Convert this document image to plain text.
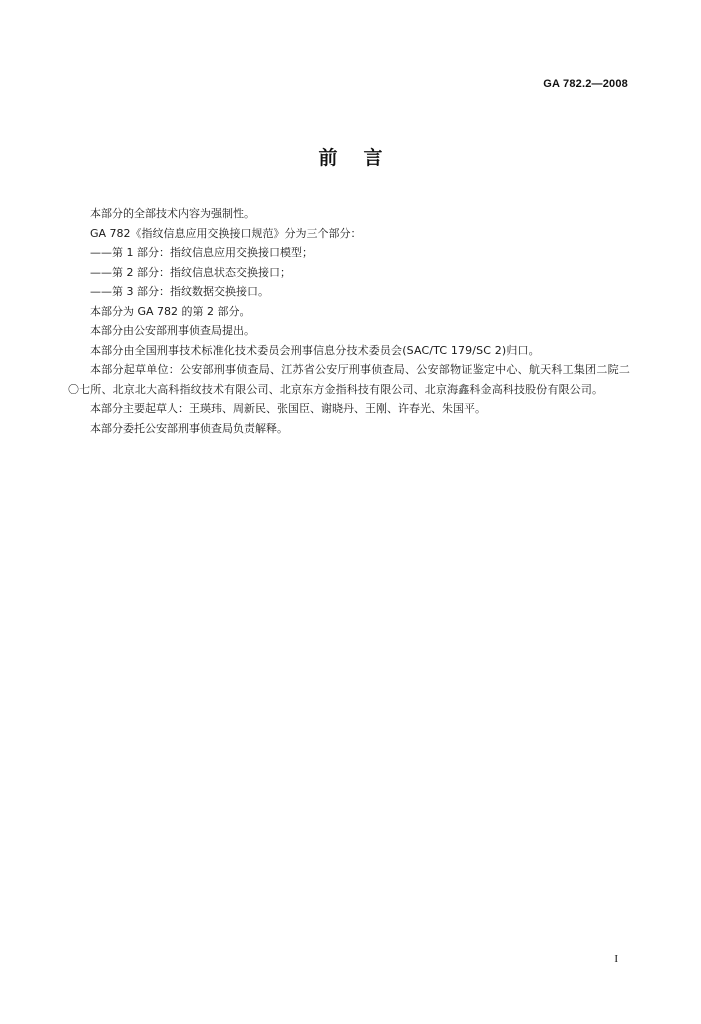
GA 782.2—2008
前言

本部分的全部技术内容为强制性。

GA 782《指纹信息应用交换接口规范》分为三个部分：

——第 1 部分：指纹信息应用交换接口模型；

——第 2 部分：指纹信息状态交换接口；

——第 3 部分：指纹数据交换接口。

本部分为 GA 782 的第 2 部分。

本部分由公安部刑事侦查局提出。

本部分由全国刑事技术标准化技术委员会刑事信息分技术委员会(SAC/TC 179/SC 2)归口。

本部分起草单位：公安部刑事侦查局、江苏省公安厅刑事侦查局、公安部物证鉴定中心、航天科工集团二院二〇七所、北京北大高科指纹技术有限公司、北京东方金指科技有限公司、北京海鑫科金高科技股份有限公司。

本部分主要起草人：王瑛玮、周新民、张国臣、谢晓丹、王刚、许春光、朱国平。

本部分委托公安部刑事侦查局负责解释。

I
